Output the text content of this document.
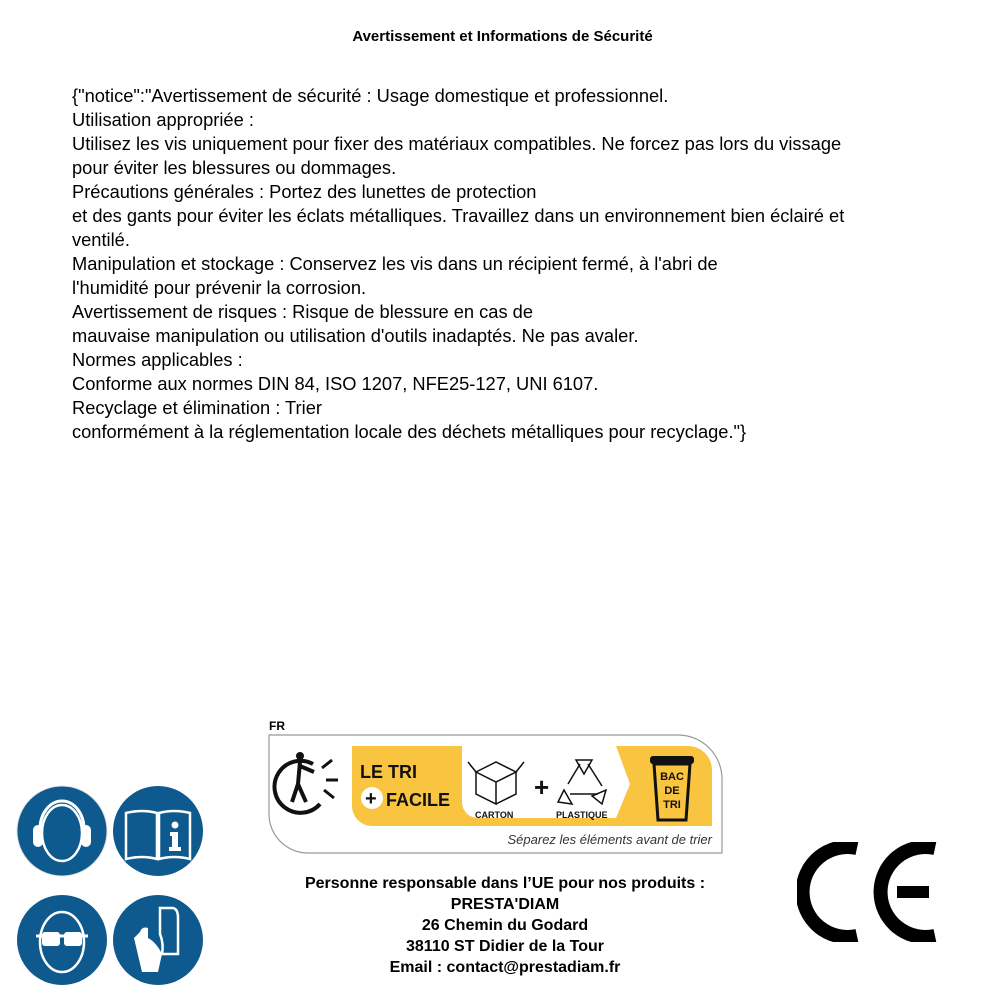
Avertissement et Informations de Sécurité
{"notice":"Avertissement de sécurité : Usage domestique et professionnel.
Utilisation appropriée :
Utilisez les vis uniquement pour fixer des matériaux compatibles. Ne forcez pas lors du vissage
pour éviter les blessures ou dommages.
Précautions générales : Portez des lunettes de protection
et des gants pour éviter les éclats métalliques. Travaillez dans un environnement bien éclairé et
ventilé.
Manipulation et stockage : Conservez les vis dans un récipient fermé, à l'abri de
l'humidité pour prévenir la corrosion.
Avertissement de risques : Risque de blessure en cas de
mauvaise manipulation ou utilisation d'outils inadaptés. Ne pas avaler.
Normes applicables :
Conforme aux normes DIN 84, ISO 1207, NFE25-127, UNI 6107.
Recyclage et élimination : Trier
conformément à la réglementation locale des déchets métalliques pour recyclage."}
FR
LE TRI
+ FACILE
CARTON
+
PLASTIQUE
BAC
DE
TRI
Séparez les éléments avant de trier
Personne responsable dans l’UE pour nos produits :
PRESTA'DIAM
26 Chemin du Godard
38110 ST Didier de la Tour
Email : contact@prestadiam.fr
